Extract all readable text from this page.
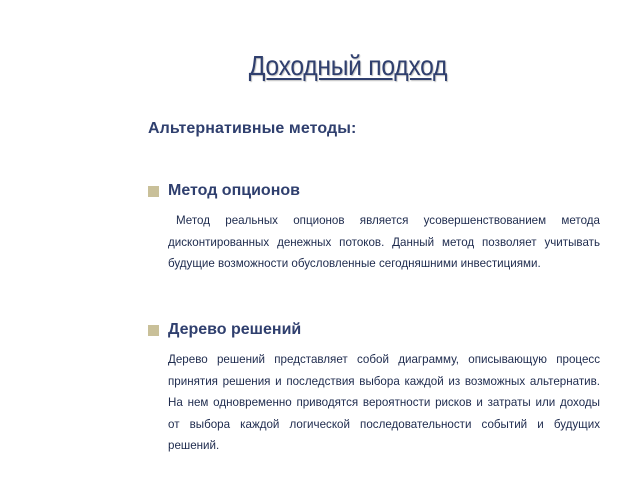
Доходный подход
Альтернативные методы:
Метод опционов
Метод реальных опционов является усовершенствованием метода дисконтированных денежных потоков. Данный метод позволяет учитывать будущие возможности обусловленные сегодняшними инвестициями.
Дерево решений
Дерево решений представляет собой диаграмму, описывающую процесс принятия решения и последствия выбора каждой из возможных альтернатив. На нем одновременно приводятся вероятности рисков и затраты или доходы от выбора каждой логической последовательности событий и будущих решений.
